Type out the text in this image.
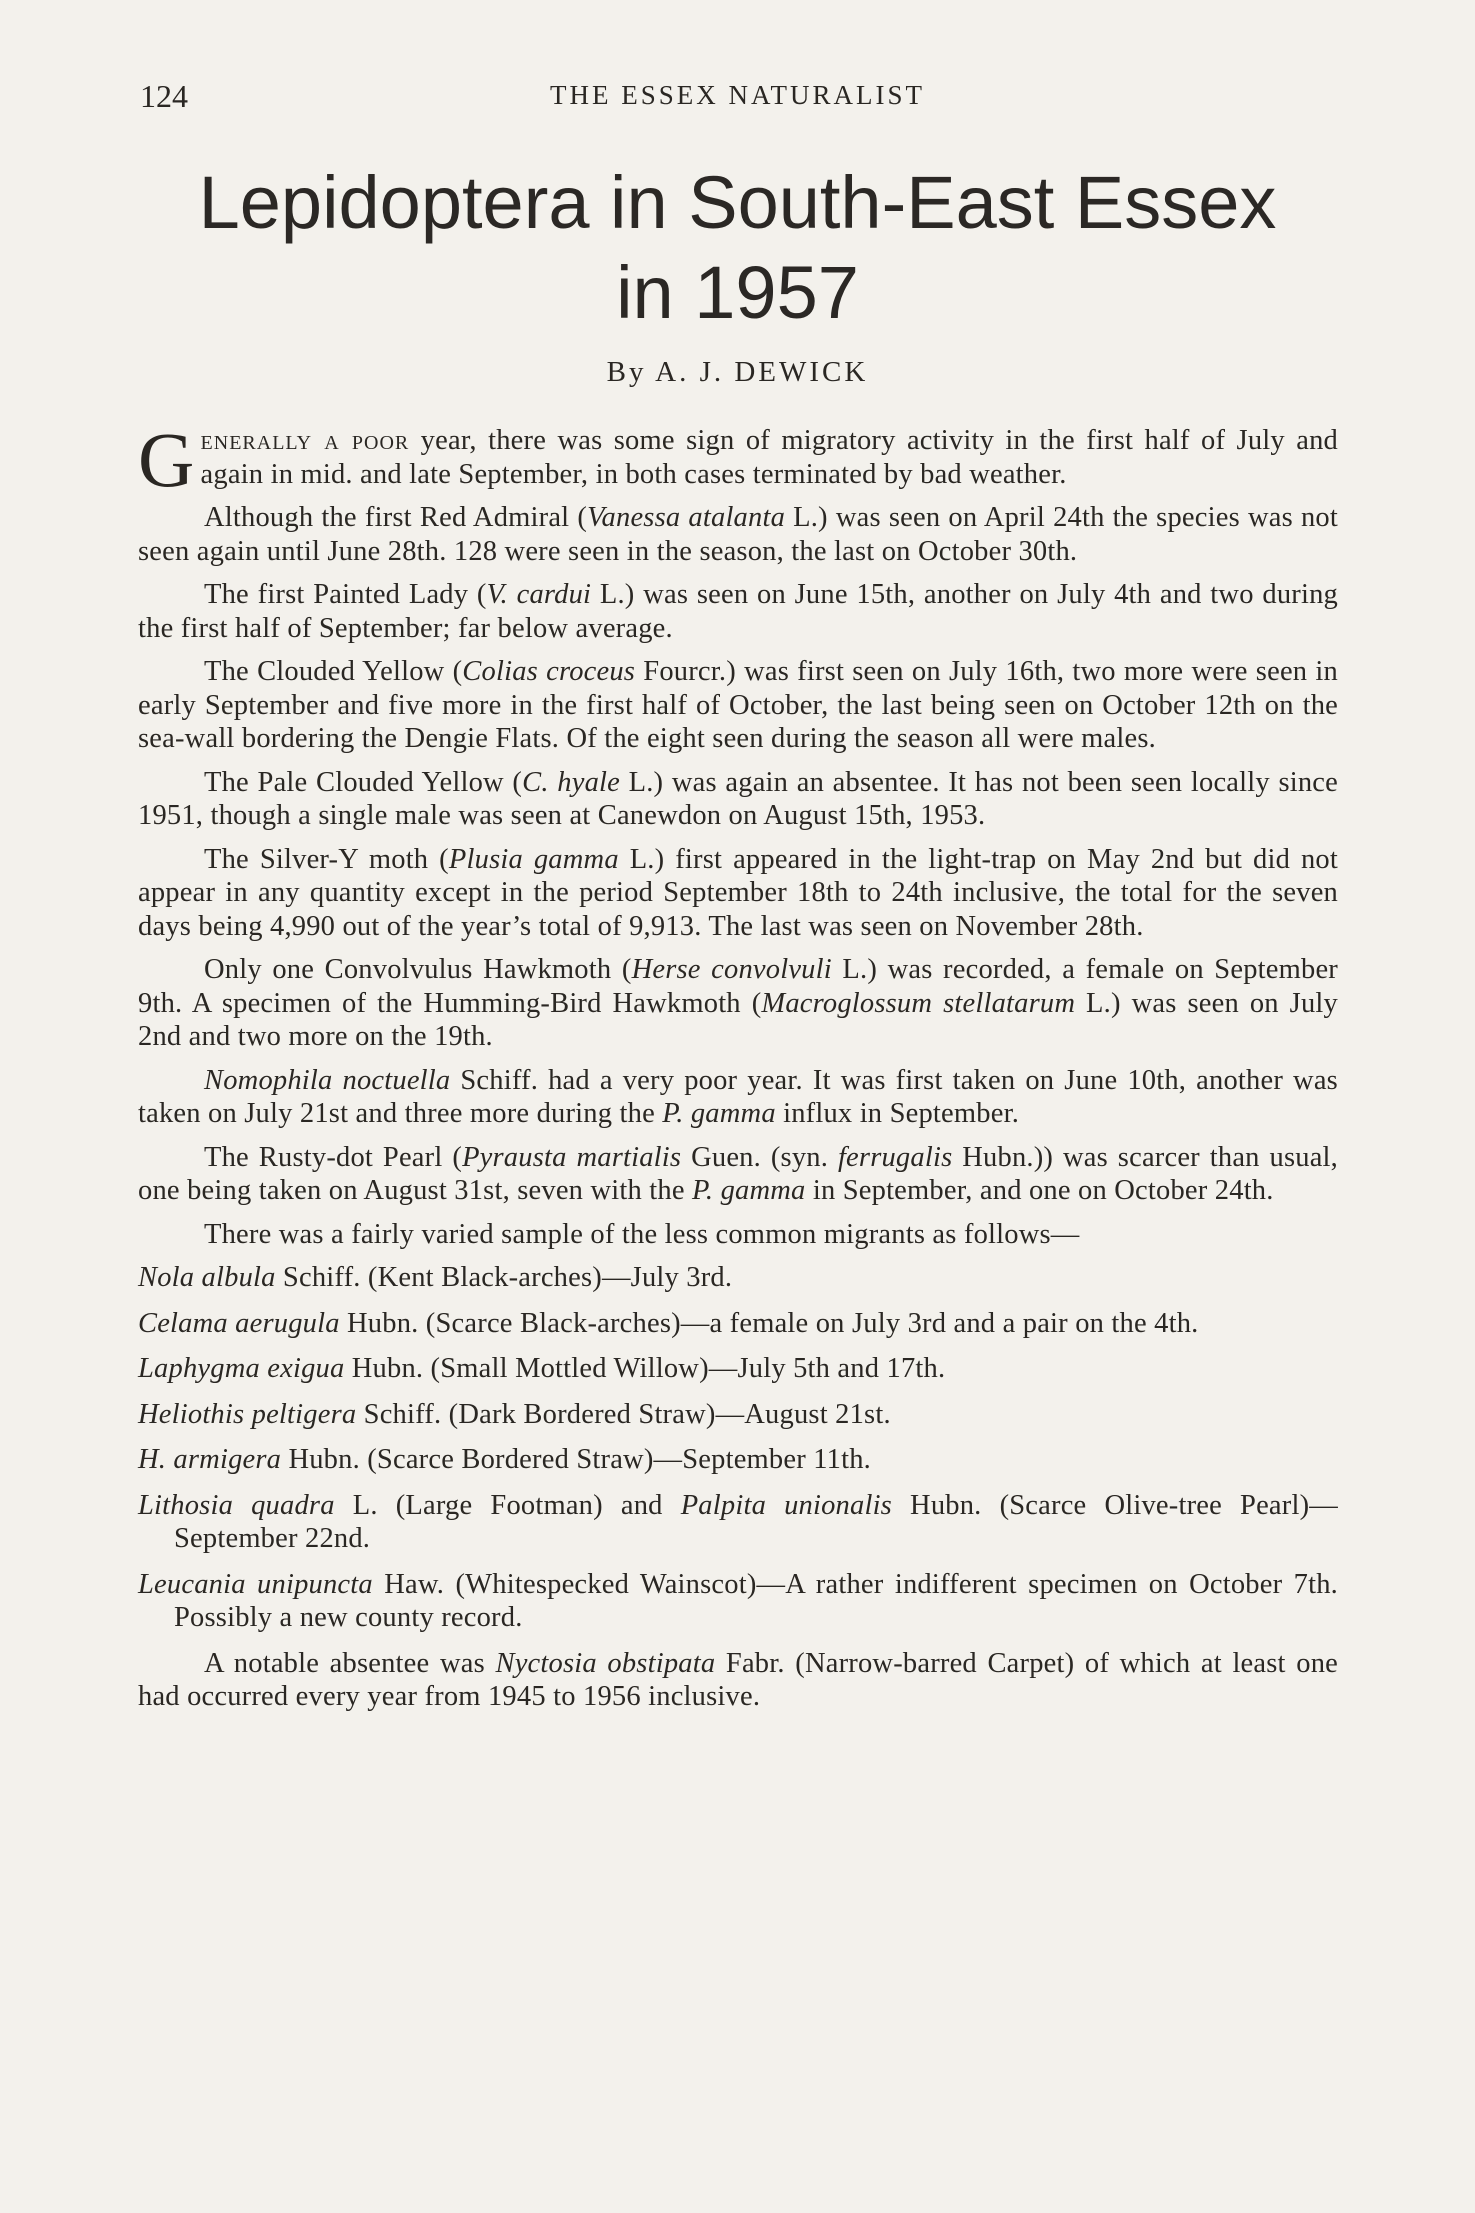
124	THE ESSEX NATURALIST
Lepidoptera in South-East Essex
in 1957
By A. J. DEWICK

Generally a poor year, there was some sign of migratory activity in the first half of July and again in mid. and late September, in both cases terminated by bad weather.

Although the first Red Admiral (Vanessa atalanta L.) was seen on April 24th the species was not seen again until June 28th. 128 were seen in the season, the last on October 30th.

The first Painted Lady (V. cardui L.) was seen on June 15th, another on July 4th and two during the first half of September; far below average.

The Clouded Yellow (Colias croceus Fourcr.) was first seen on July 16th, two more were seen in early September and five more in the first half of October, the last being seen on October 12th on the sea-wall bordering the Dengie Flats. Of the eight seen during the season all were males.

The Pale Clouded Yellow (C. hyale L.) was again an absentee. It has not been seen locally since 1951, though a single male was seen at Canewdon on August 15th, 1953.

The Silver-Y moth (Plusia gamma L.) first appeared in the light-trap on May 2nd but did not appear in any quantity except in the period September 18th to 24th inclusive, the total for the seven days being 4,990 out of the year’s total of 9,913. The last was seen on November 28th.

Only one Convolvulus Hawkmoth (Herse convolvuli L.) was recorded, a female on September 9th. A specimen of the Humming-Bird Hawkmoth (Macroglossum stellatarum L.) was seen on July 2nd and two more on the 19th.

Nomophila noctuella Schiff. had a very poor year. It was first taken on June 10th, another was taken on July 21st and three more during the P. gamma influx in September.

The Rusty-dot Pearl (Pyrausta martialis Guen. (syn. ferrugalis Hubn.)) was scarcer than usual, one being taken on August 31st, seven with the P. gamma in September, and one on October 24th.

There was a fairly varied sample of the less common migrants as follows—

Nola albula Schiff. (Kent Black-arches)—July 3rd.

Celama aerugula Hubn. (Scarce Black-arches)—a female on July 3rd and a pair on the 4th.

Laphygma exigua Hubn. (Small Mottled Willow)—July 5th and 17th.

Heliothis peltigera Schiff. (Dark Bordered Straw)—August 21st.

H. armigera Hubn. (Scarce Bordered Straw)—September 11th.

Lithosia quadra L. (Large Footman) and Palpita unionalis Hubn. (Scarce Olive-tree Pearl)—September 22nd.

Leucania unipuncta Haw. (Whitespecked Wainscot)—A rather indifferent specimen on October 7th. Possibly a new county record.

A notable absentee was Nyctosia obstipata Fabr. (Narrow-barred Carpet) of which at least one had occurred every year from 1945 to 1956 inclusive.
